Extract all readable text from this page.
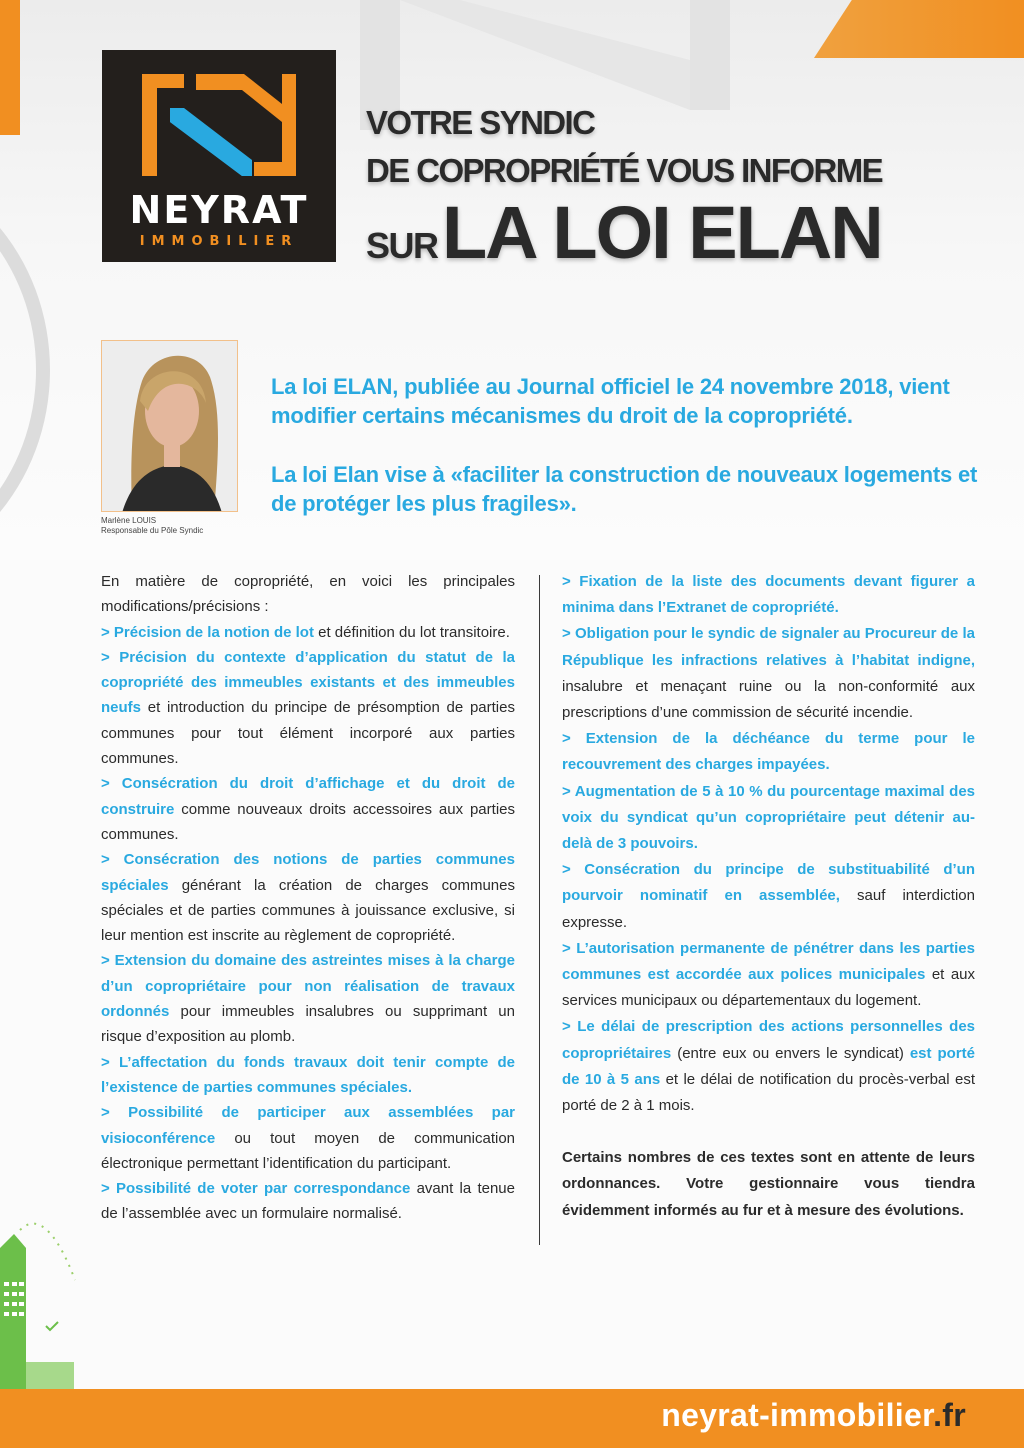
NEYRAT
IMMOBILIER
VOTRE SYNDIC
DE COPROPRIÉTÉ VOUS INFORME
SUR LA LOI ELAN
Marlène LOUIS
Responsable du Pôle Syndic

La loi ELAN, publiée au Journal officiel le 24 novembre 2018, vient modifier certains mécanismes du droit de la copropriété.

La loi Elan vise à «faciliter la construction de nouveaux logements et de protéger les plus fragiles».

En matière de copropriété, en voici les principales modifications/précisions :

> Précision de la notion de lot et définition du lot transitoire.

> Précision du contexte d’application du statut de la copropriété des immeubles existants et des immeubles neufs et introduction du principe de présomption de parties communes pour tout élément incorporé aux parties communes.

> Consécration du droit d’affichage et du droit de construire comme nouveaux droits accessoires aux parties communes.

> Consécration des notions de parties communes spéciales générant la création de charges communes spéciales et de parties communes à jouissance exclusive, si leur mention est inscrite au règlement de copropriété.

> Extension du domaine des astreintes mises à la charge d’un copropriétaire pour non réalisation de travaux ordonnés pour immeubles insalubres ou supprimant un risque d’exposition au plomb.

> L’affectation du fonds travaux doit tenir compte de l’existence de parties communes spéciales.

> Possibilité de participer aux assemblées par visioconférence ou tout moyen de communication électronique permettant l’identification du participant.

> Possibilité de voter par correspondance avant la tenue de l’assemblée avec un formulaire normalisé.

> Fixation de la liste des documents devant figurer a minima dans l’Extranet de copropriété.

> Obligation pour le syndic de signaler au Procureur de la République les infractions relatives à l’habitat indigne, insalubre et menaçant ruine ou la non-conformité aux prescriptions d’une commission de sécurité incendie.

> Extension de la déchéance du terme pour le recouvrement des charges impayées.

> Augmentation de 5 à 10 % du pourcentage maximal des voix du syndicat qu’un copropriétaire peut détenir au-delà de 3 pouvoirs.

> Consécration du principe de substituabilité d’un pourvoir nominatif en assemblée, sauf interdiction expresse.

> L’autorisation permanente de pénétrer dans les parties communes est accordée aux polices municipales et aux services municipaux ou départementaux du logement.

> Le délai de prescription des actions personnelles des copropriétaires (entre eux ou envers le syndicat) est porté de 10 à 5 ans et le délai de notification du procès-verbal est porté de 2 à 1 mois.

Certains nombres de ces textes sont en attente de leurs ordonnances. Votre gestionnaire vous tiendra évidemment informés au fur et à mesure des évolutions.

neyrat-immobilier.fr
